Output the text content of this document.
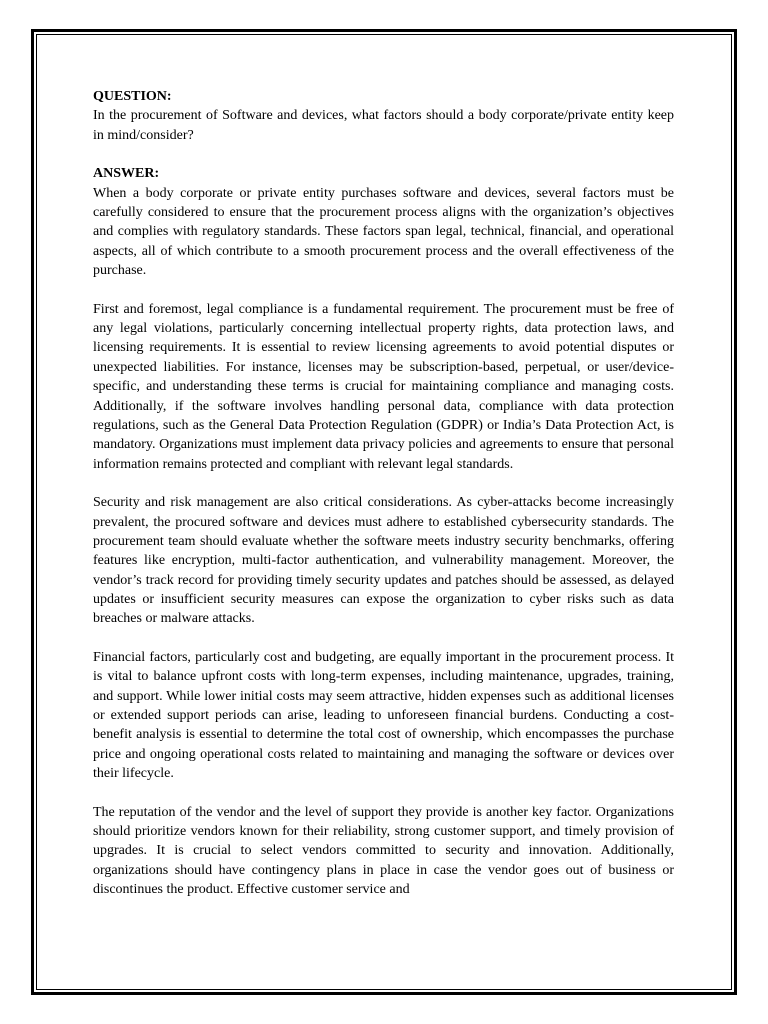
QUESTION:

In the procurement of Software and devices, what factors should a body corporate/private entity keep in mind/consider?

ANSWER:

When a body corporate or private entity purchases software and devices, several factors must be carefully considered to ensure that the procurement process aligns with the organization’s objectives and complies with regulatory standards. These factors span legal, technical, financial, and operational aspects, all of which contribute to a smooth procurement process and the overall effectiveness of the purchase.

First and foremost, legal compliance is a fundamental requirement. The procurement must be free of any legal violations, particularly concerning intellectual property rights, data protection laws, and licensing requirements. It is essential to review licensing agreements to avoid potential disputes or unexpected liabilities. For instance, licenses may be subscription-based, perpetual, or user/device-specific, and understanding these terms is crucial for maintaining compliance and managing costs. Additionally, if the software involves handling personal data, compliance with data protection regulations, such as the General Data Protection Regulation (GDPR) or India’s Data Protection Act, is mandatory. Organizations must implement data privacy policies and agreements to ensure that personal information remains protected and compliant with relevant legal standards.

Security and risk management are also critical considerations. As cyber-attacks become increasingly prevalent, the procured software and devices must adhere to established cybersecurity standards. The procurement team should evaluate whether the software meets industry security benchmarks, offering features like encryption, multi-factor authentication, and vulnerability management. Moreover, the vendor’s track record for providing timely security updates and patches should be assessed, as delayed updates or insufficient security measures can expose the organization to cyber risks such as data breaches or malware attacks.

Financial factors, particularly cost and budgeting, are equally important in the procurement process. It is vital to balance upfront costs with long-term expenses, including maintenance, upgrades, training, and support. While lower initial costs may seem attractive, hidden expenses such as additional licenses or extended support periods can arise, leading to unforeseen financial burdens. Conducting a cost-benefit analysis is essential to determine the total cost of ownership, which encompasses the purchase price and ongoing operational costs related to maintaining and managing the software or devices over their lifecycle.

The reputation of the vendor and the level of support they provide is another key factor. Organizations should prioritize vendors known for their reliability, strong customer support, and timely provision of upgrades. It is crucial to select vendors committed to security and innovation. Additionally, organizations should have contingency plans in place in case the vendor goes out of business or discontinues the product. Effective customer service and
